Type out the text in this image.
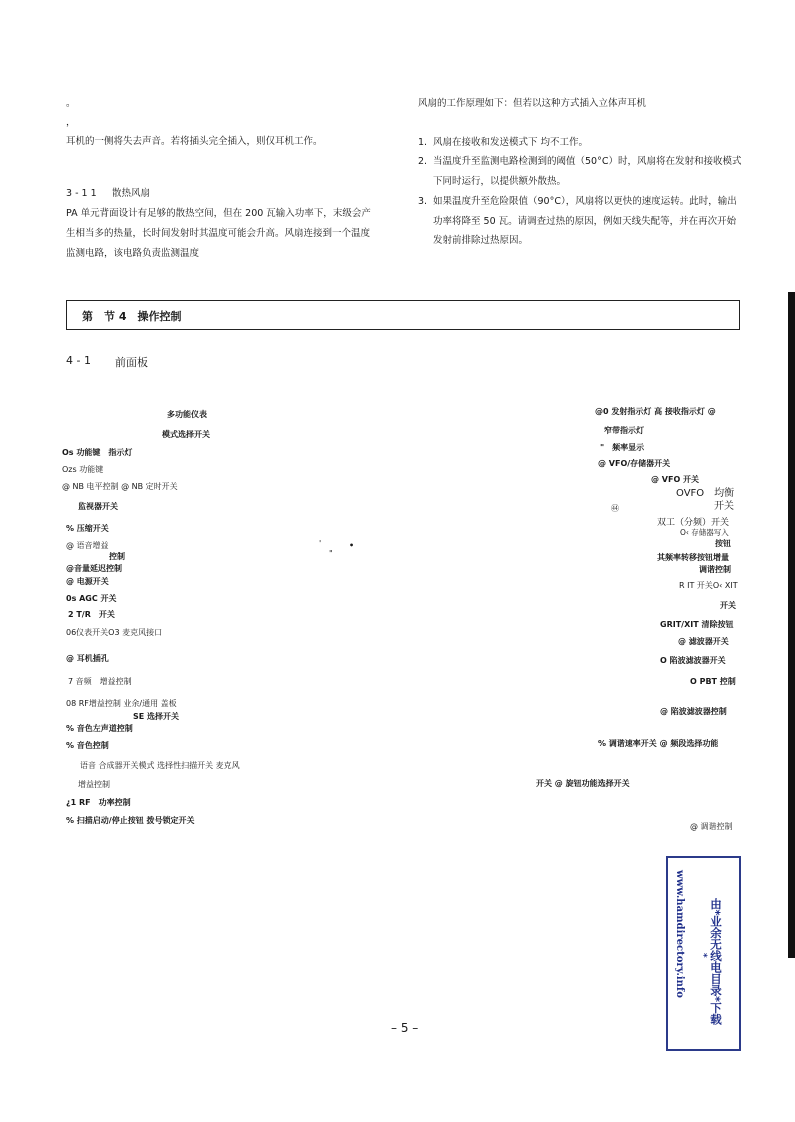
。
，
耳机的一侧将失去声音。若将插头完全插入，则仅耳机工作。
3 - 1 1 散热风扇
PA 单元背面设计有足够的散热空间，但在 200 瓦输入功率下，末级会产
生相当多的热量，长时间发射时其温度可能会升高。风扇连接到一个温度
监测电路，该电路负责监测温度
风扇的工作原理如下：但若以这种方式插入立体声耳机
1. 风扇在接收和发送模式下 均不工作。
2. 当温度升至监测电路检测到的阈值（50°C）时，风扇将在发射和接收模式下同时运行，以提供额外散热。
3. 如果温度升至危险限值（90°C），风扇将以更快的速度运转。此时，输出功率将降至 50 瓦。请调查过热的原因，例如天线失配等，并在再次开始发射前排除过热原因。
第　节 4　操作控制
4 - 1 前面板
多功能仪表
模式选择开关
Os 功能键　指示灯
Ozs 功能键
@ NB 电平控制 @ NB 定时开关
监视器开关
% 压缩开关
@ 语音增益
控制
@音量延迟控制
@ 电源开关
0s AGC 开关
2 T/R　开关
06仪表开关O3 麦克风接口
@ 耳机插孔
7 音频　增益控制
08 RF增益控制 业余/通用 盖板
SE 选择开关
% 音色左声道控制
% 音色控制
语音 合成器开关模式 选择性扫描开关 麦克风
增益控制
¿1 RF　功率控制
% 扫描启动/停止按钮 拨号锁定开关
'	•
"
@0 发射指示灯 高 接收指示灯 @
窄带指示灯
"　频率显示
@ VFO/存储器开关
@ VFO 开关
OVFO　均衡
开关
㊹
双工（分频）开关
O‹ 存储器写入
按钮
其频率转移按钮增量
调谐控制
R IT 开关O‹ XIT
开关
GRIT/XIT 清除按钮
@ 滤波器开关
O 陷波滤波器开关
O PBT 控制
@ 陷波滤波器控制
% 调谐速率开关 @ 频段选择功能
开关 @ 旋钮功能选择开关
@ 调谐控制
– 5 –
由*业余无线电目录*下载
*
www.hamdirectory.info
